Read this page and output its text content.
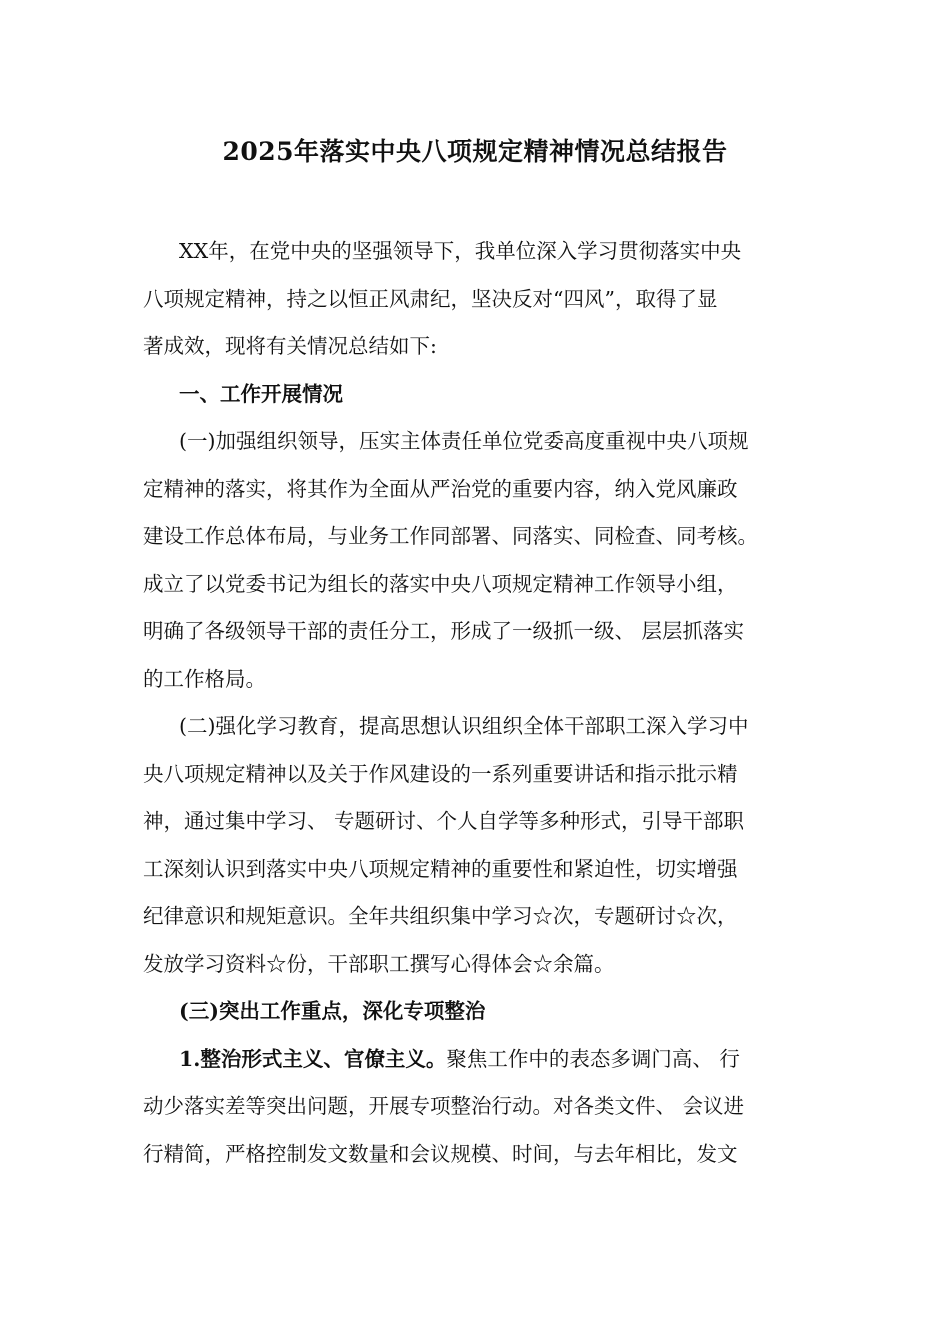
2025年落实中央八项规定精神情况总结报告
XX年，在党中央的坚强领导下，我单位深入学习贯彻落实中央
八项规定精神，持之以恒正风肃纪，坚决反对“四风”，取得了显
著成效，现将有关情况总结如下:
一、工作开展情况
(一)加强组织领导，压实主体责任单位党委高度重视中央八项规
定精神的落实，将其作为全面从严治党的重要内容，纳入党风廉政
建设工作总体布局，与业务工作同部署、同落实、同检查、同考核。
成立了以党委书记为组长的落实中央八项规定精神工作领导小组，
明确了各级领导干部的责任分工，形成了一级抓一级、 层层抓落实
的工作格局。
(二)强化学习教育，提高思想认识组织全体干部职工深入学习中
央八项规定精神以及关于作风建设的一系列重要讲话和指示批示精
神，通过集中学习、 专题研讨、个人自学等多种形式，引导干部职
工深刻认识到落实中央八项规定精神的重要性和紧迫性，切实增强
纪律意识和规矩意识。全年共组织集中学习☆次，专题研讨☆次，
发放学习资料☆份，干部职工撰写心得体会☆余篇。
(三)突出工作重点，深化专项整治
1.整治形式主义、官僚主义。聚焦工作中的表态多调门高、 行
动少落实差等突出问题，开展专项整治行动。对各类文件、 会议进
行精简，严格控制发文数量和会议规模、时间，与去年相比，发文
